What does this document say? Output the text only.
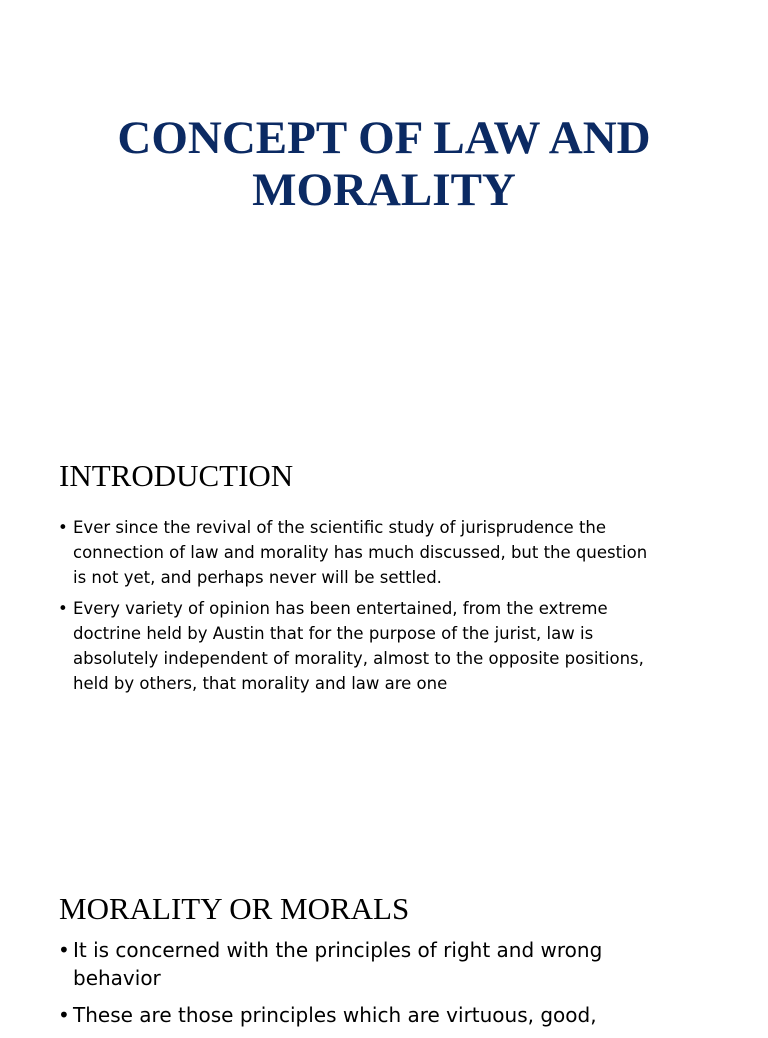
CONCEPT OF LAW AND
MORALITY
INTRODUCTION
• Ever since the revival of the scientific study of jurisprudence the
connection of law and morality has much discussed, but the question
is not yet, and perhaps never will be settled.
• Every variety of opinion has been entertained, from the extreme
doctrine held by Austin that for the purpose of the jurist, law is
absolutely independent of morality, almost to the opposite positions,
held by others, that morality and law are one
MORALITY OR MORALS
• It is concerned with the principles of right and wrong
behavior
• These are those principles which are virtuous, good,
